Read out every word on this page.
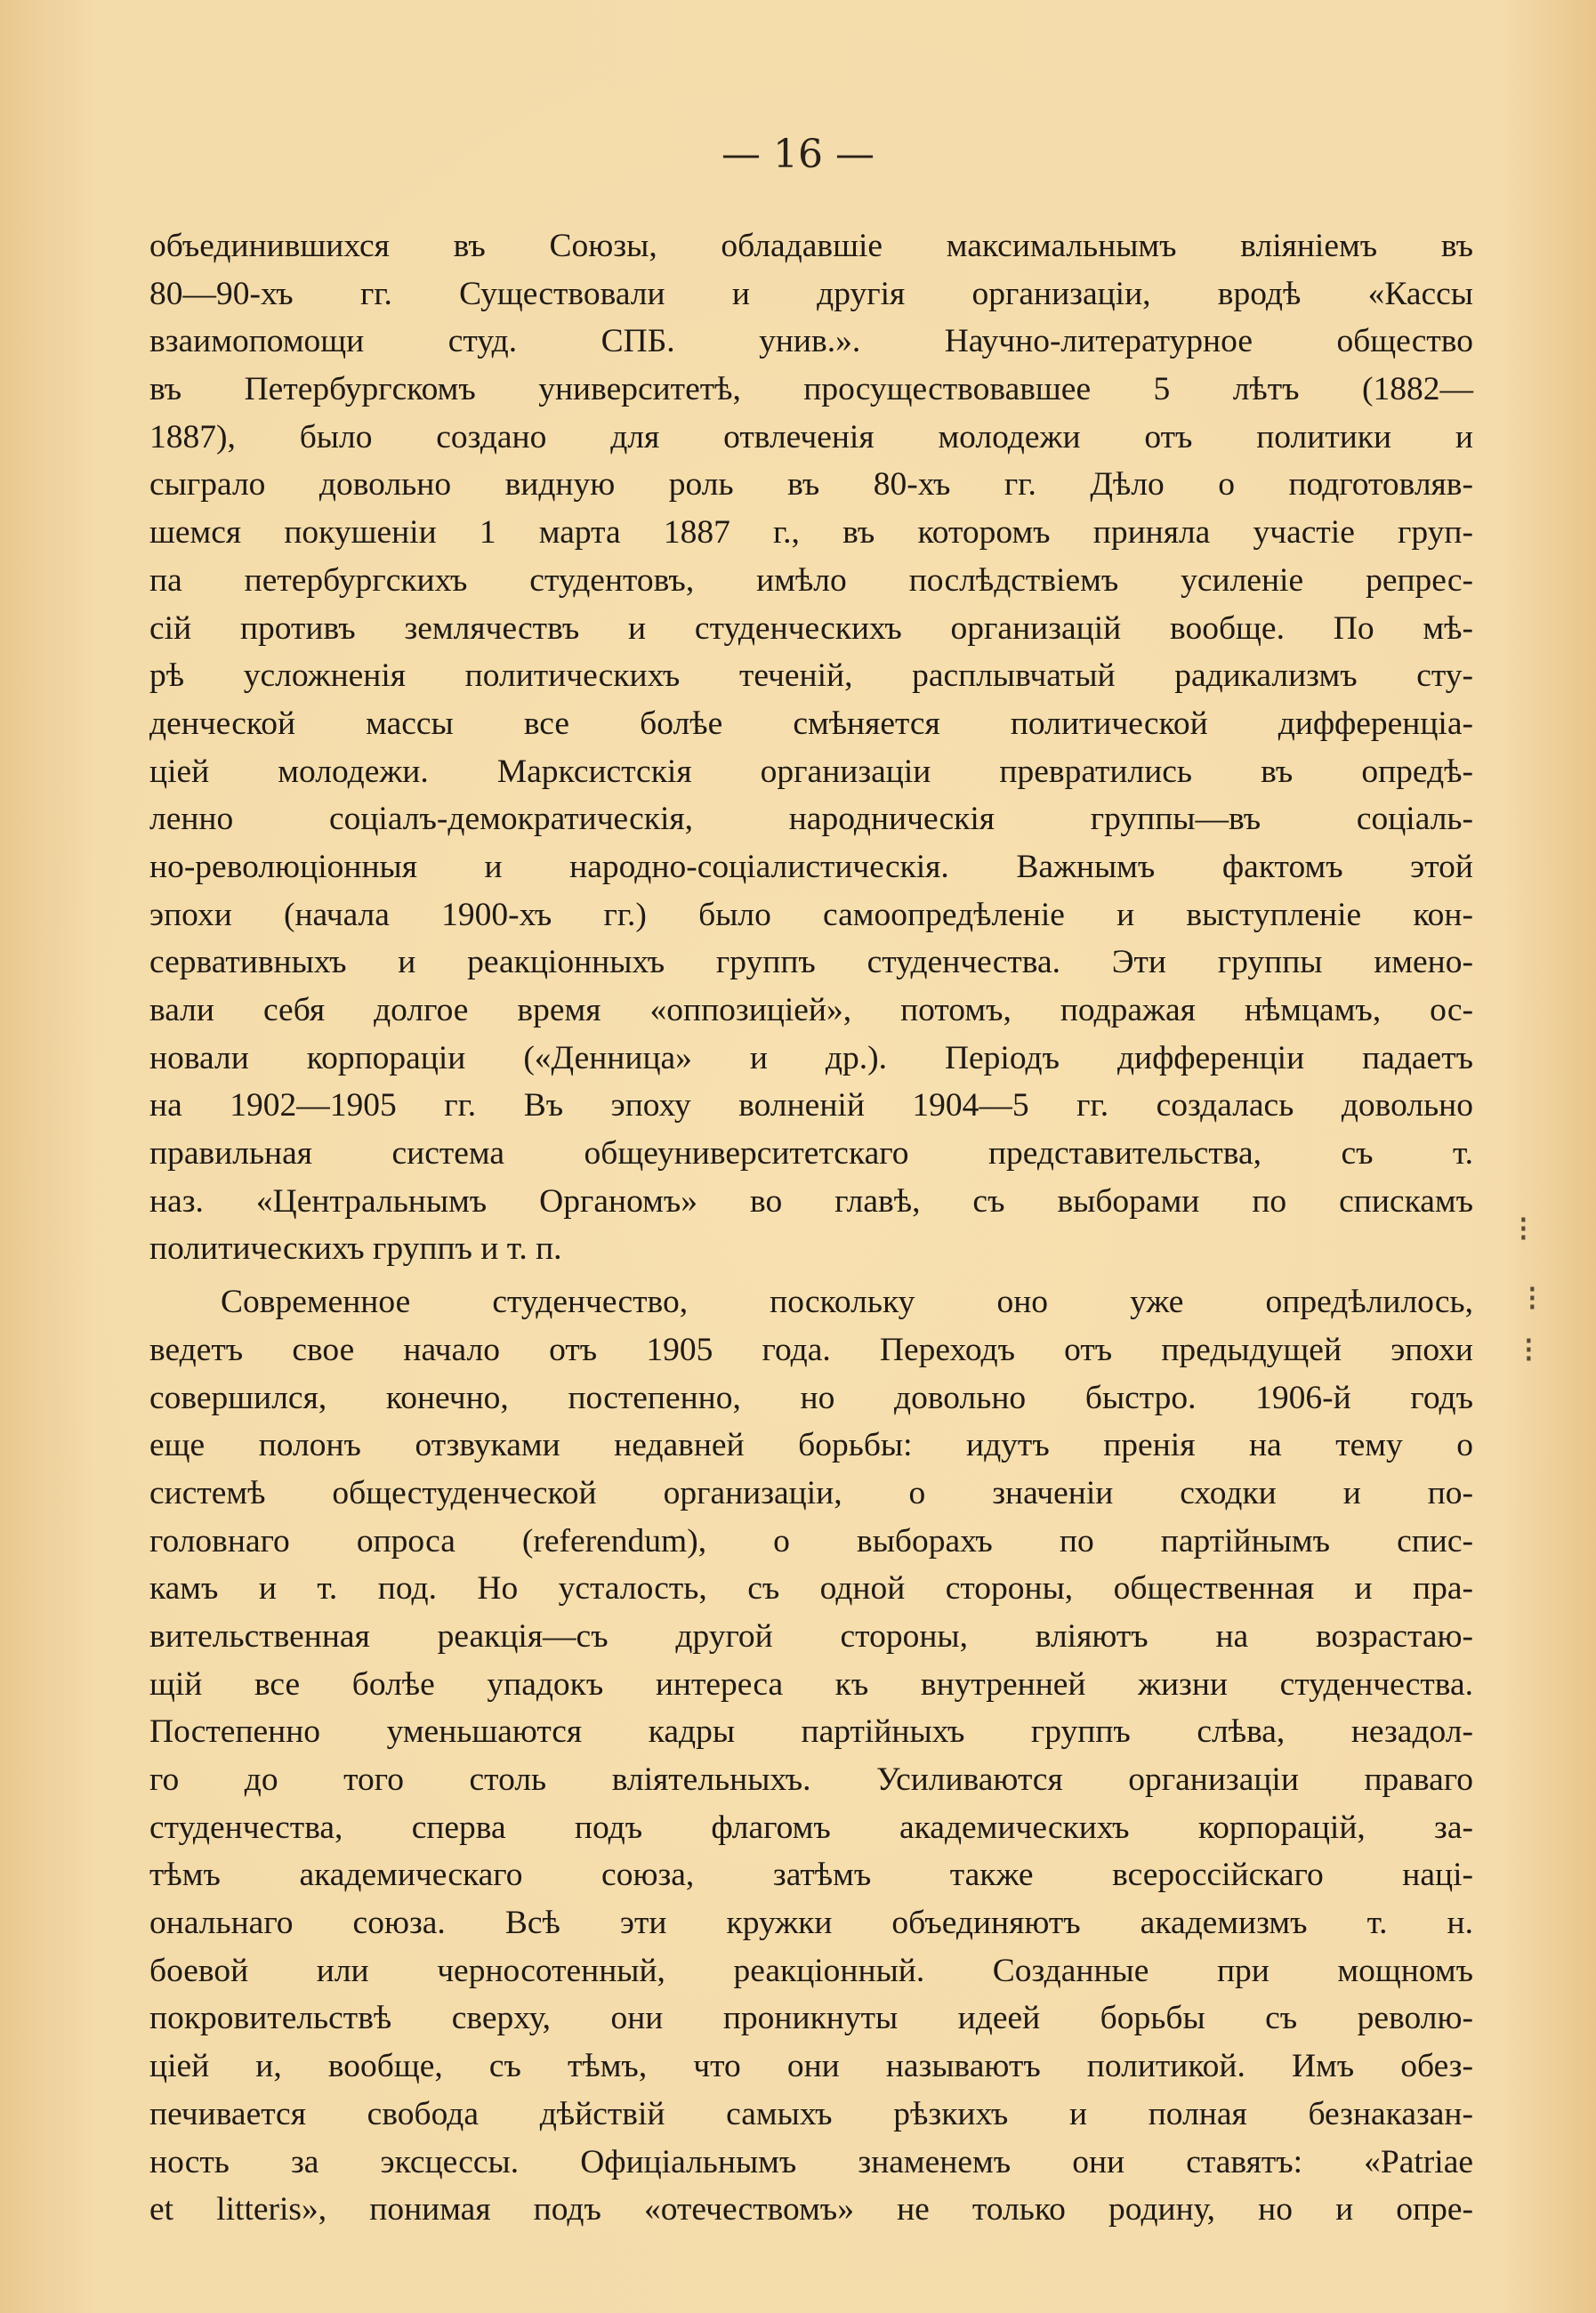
— 16 —
объединившихся въ Союзы, обладавшіе максимальнымъ вліяніемъ въ
80—90-хъ гг. Существовали и другія организаціи, вродѣ «Кассы
взаимопомощи студ. СПБ. унив.». Научно-литературное общество
въ Петербургскомъ университетѣ, просуществовавшее 5 лѣтъ (1882—
1887), было создано для отвлеченія молодежи отъ политики и
сыграло довольно видную роль въ 80-хъ гг. Дѣло о подготовляв-
шемся покушеніи 1 марта 1887 г., въ которомъ приняла участіе груп-
па петербургскихъ студентовъ, имѣло послѣдствіемъ усиленіе репрес-
сій противъ землячествъ и студенческихъ организацій вообще. По мѣ-
рѣ усложненія политическихъ теченій, расплывчатый радикализмъ сту-
денческой массы все болѣе смѣняется политической дифференціа-
ціей молодежи. Марксистскія организаціи превратились въ опредѣ-
ленно соціалъ-демократическія, народническія группы—въ соціаль-
но-революціонныя и народно-соціалистическія. Важнымъ фактомъ этой
эпохи (начала 1900-хъ гг.) было самоопредѣленіе и выступленіе кон-
сервативныхъ и реакціонныхъ группъ студенчества. Эти группы имено-
вали себя долгое время «оппозиціей», потомъ, подражая нѣмцамъ, ос-
новали корпораціи («Денница» и др.). Періодъ дифференціи падаетъ
на 1902—1905 гг. Въ эпоху волненій 1904—5 гг. создалась довольно
правильная система общеуниверситетскаго представительства, съ т.
наз. «Центральнымъ Органомъ» во главѣ, съ выборами по спискамъ
политическихъ группъ и т. п.
Современное студенчество, поскольку оно уже опредѣлилось,
ведетъ свое начало отъ 1905 года. Переходъ отъ предыдущей эпохи
совершился, конечно, постепенно, но довольно быстро. 1906-й годъ
еще полонъ отзвуками недавней борьбы: идутъ пренія на тему о
системѣ общестуденческой организаціи, о значеніи сходки и по-
головнаго опроса (referendum), о выборахъ по партійнымъ спис-
камъ и т. под. Но усталость, съ одной стороны, общественная и пра-
вительственная реакція—съ другой стороны, вліяютъ на возрастаю-
щій все болѣе упадокъ интереса къ внутренней жизни студенчества.
Постепенно уменьшаются кадры партійныхъ группъ слѣва, незадол-
го до того столь вліятельныхъ. Усиливаются организаціи праваго
студенчества, сперва подъ флагомъ академическихъ корпорацій, за-
тѣмъ академическаго союза, затѣмъ также всероссійскаго наці-
ональнаго союза. Всѣ эти кружки объединяютъ академизмъ т. н.
боевой или черносотенный, реакціонный. Созданные при мощномъ
покровительствѣ сверху, они проникнуты идеей борьбы съ револю-
ціей и, вообще, съ тѣмъ, что они называютъ политикой. Имъ обез-
печивается свобода дѣйствій самыхъ рѣзкихъ и полная безнаказан-
ность за эксцессы. Офиціальнымъ знаменемъ они ставятъ: «Patriae
et litteris», понимая подъ «отечествомъ» не только родину, но и опре-
⁝
⁝
⁝
